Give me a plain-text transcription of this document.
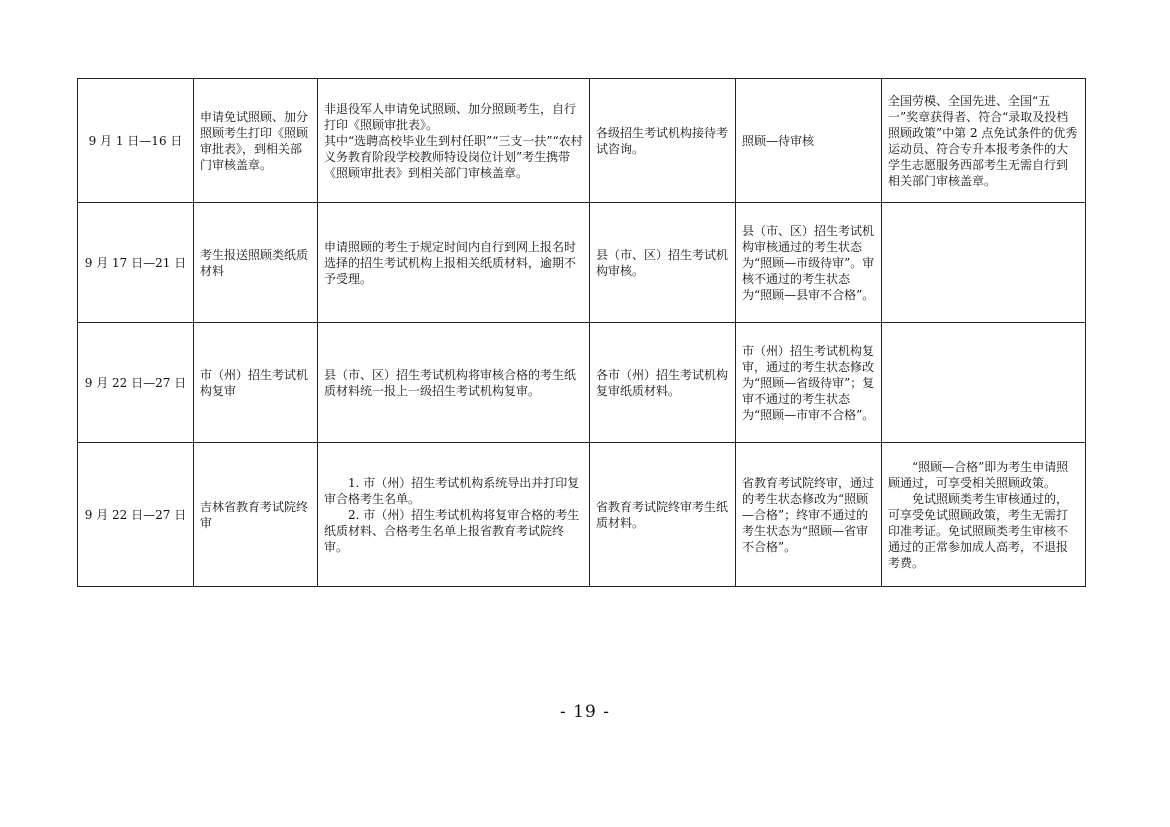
9 月 1 日—16 日	申请免试照顾、加分照顾考生打印《照顾审批表》，到相关部门审核盖章。	非退役军人申请免试照顾、加分照顾考生，自行打印《照顾审批表》。
其中“选聘高校毕业生到村任职”“三支一扶”“农村义务教育阶段学校教师特设岗位计划”考生携带《照顾审批表》到相关部门审核盖章。	各级招生考试机构接待考试咨询。	照顾—待审核	全国劳模、全国先进、全国“五一”奖章获得者、符合“录取及投档照顾政策”中第 2 点免试条件的优秀运动员、符合专升本报考条件的大学生志愿服务西部考生无需自行到相关部门审核盖章。
9 月 17 日—21 日	考生报送照顾类纸质材料	申请照顾的考生于规定时间内自行到网上报名时选择的招生考试机构上报相关纸质材料，逾期不予受理。	县（市、区）招生考试机构审核。	县（市、区）招生考试机构审核通过的考生状态为“照顾—市级待审”。审核不通过的考生状态为“照顾—县审不合格”。	
9 月 22 日—27 日	市（州）招生考试机构复审	县（市、区）招生考试机构将审核合格的考生纸质材料统一报上一级招生考试机构复审。	各市（州）招生考试机构复审纸质材料。	市（州）招生考试机构复审，通过的考生状态修改为“照顾—省级待审”；复审不通过的考生状态为“照顾—市审不合格”。	
9 月 22 日—27 日	吉林省教育考试院终审	　　1. 市（州）招生考试机构系统导出并打印复审合格考生名单。
　　2. 市（州）招生考试机构将复审合格的考生纸质材料、合格考生名单上报省教育考试院终审。	省教育考试院终审考生纸质材料。	省教育考试院终审，通过的考生状态修改为“照顾—合格”；终审不通过的考生状态为“照顾—省审不合格”。	　　“照顾—合格”即为考生申请照顾通过，可享受相关照顾政策。
　　免试照顾类考生审核通过的，可享受免试照顾政策，考生无需打印准考证。免试照顾类考生审核不通过的正常参加成人高考，不退报考费。
- 19 -
